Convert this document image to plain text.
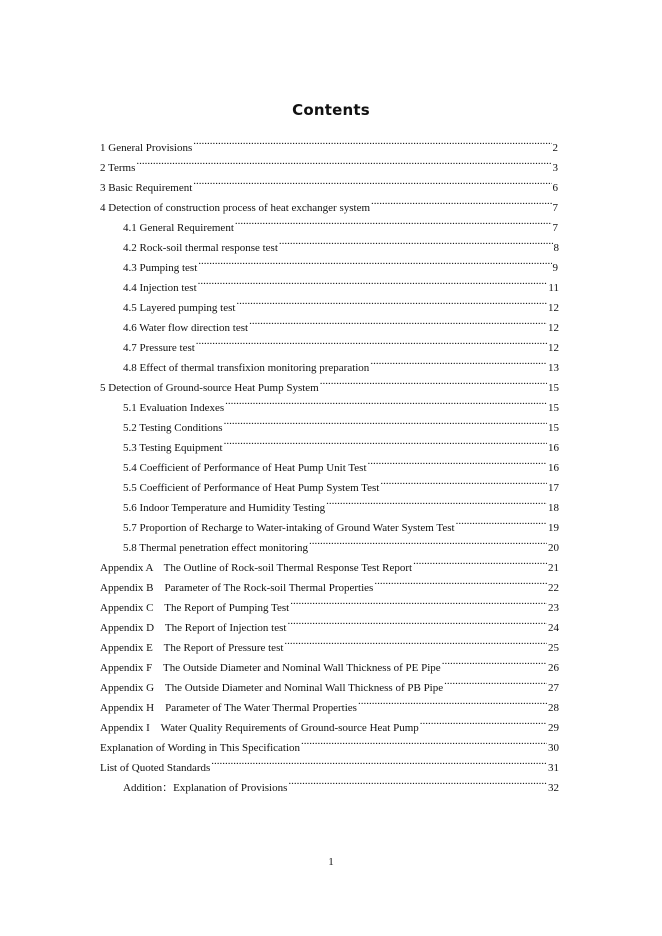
Contents
1 General Provisions .....	2
2 Terms .....	3
3 Basic Requirement .....	6
4 Detection of construction process of heat exchanger system .....	7
4.1 General Requirement .....	7
4.2 Rock-soil thermal response test .....	8
4.3 Pumping test .....	9
4.4 Injection test .....	11
4.5 Layered pumping test .....	12
4.6 Water flow direction test .....	12
4.7 Pressure test .....	12
4.8 Effect of thermal transfixion monitoring preparation .....	13
5 Detection of Ground-source Heat Pump System .....	15
5.1 Evaluation Indexes .....	15
5.2 Testing Conditions .....	15
5.3 Testing Equipment .....	16
5.4 Coefficient of Performance of Heat Pump Unit Test .....	16
5.5 Coefficient of Performance of Heat Pump System Test .....	17
5.6 Indoor Temperature and Humidity Testing .....	18
5.7 Proportion of Recharge to Water-intaking of Ground Water System Test .....	19
5.8 Thermal penetration effect monitoring .....	20
Appendix A    The Outline of Rock-soil Thermal Response Test Report .....	21
Appendix B    Parameter of The Rock-soil Thermal Properties .....	22
Appendix C    The Report of Pumping Test .....	23
Appendix D    The Report of Injection test .....	24
Appendix E    The Report of Pressure test .....	25
Appendix F    The Outside Diameter and Nominal Wall Thickness of PE Pipe .....	26
Appendix G    The Outside Diameter and Nominal Wall Thickness of PB Pipe .....	27
Appendix H    Parameter of The Water Thermal Properties .....	28
Appendix I    Water Quality Requirements of Ground-source Heat Pump .....	29
Explanation of Wording in This Specification .....	30
List of Quoted Standards .....	31
Addition：Explanation of Provisions .....	32
1
